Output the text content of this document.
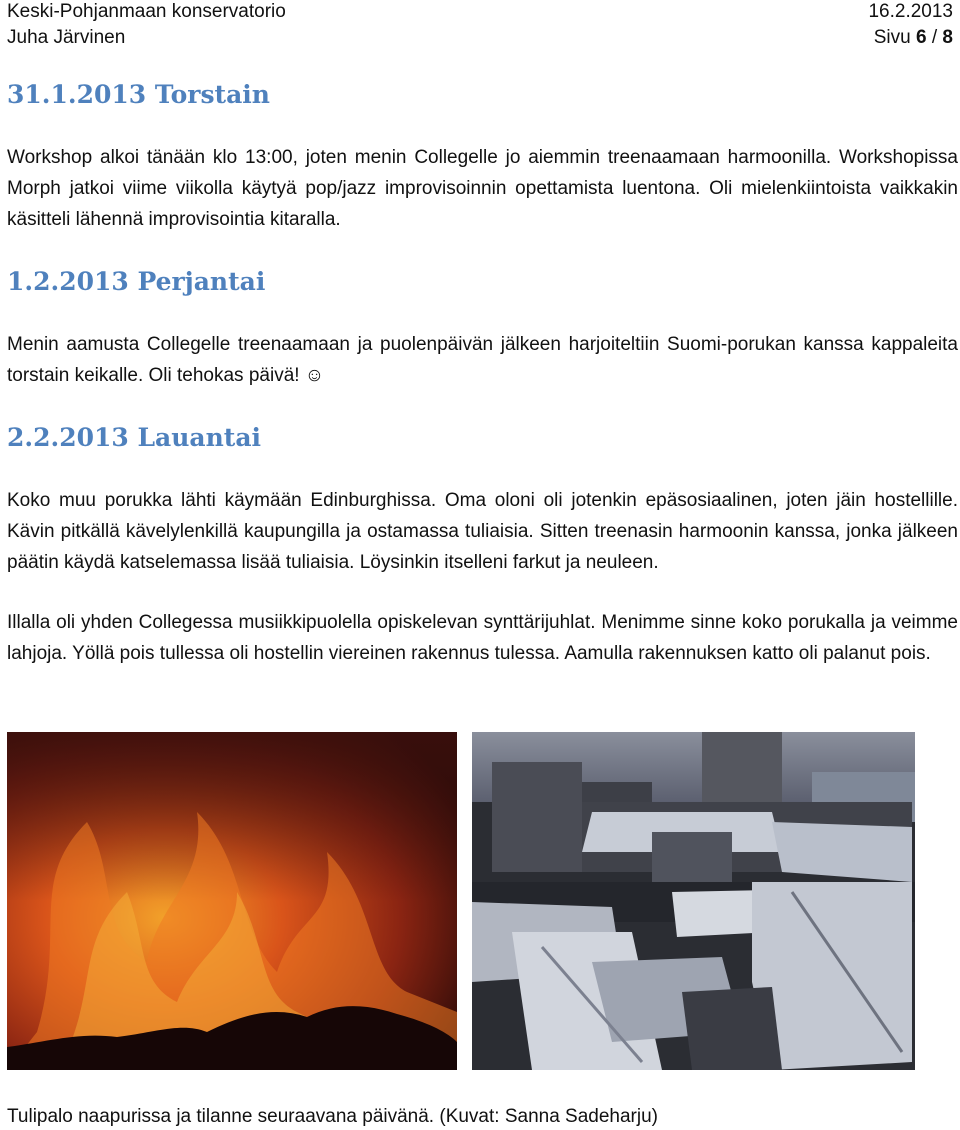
Keski-Pohjanmaan konservatorio	16.2.2013
Juha Järvinen	Sivu 6 / 8
31.1.2013 Torstain

Workshop alkoi tänään klo 13:00, joten menin Collegelle jo aiemmin treenaamaan harmoonilla. Workshopissa Morph jatkoi viime viikolla käytyä pop/jazz improvisoinnin opettamista luentona. Oli mielenkiintoista vaikkakin käsitteli lähennä improvisointia kitaralla.

1.2.2013 Perjantai

Menin aamusta Collegelle treenaamaan ja puolenpäivän jälkeen harjoiteltiin Suomi-porukan kanssa kappaleita torstain keikalle. Oli tehokas päivä! ☺

2.2.2013 Lauantai

Koko muu porukka lähti käymään Edinburghissa. Oma oloni oli jotenkin epäsosiaalinen, joten jäin hostellille. Kävin pitkällä kävelylenkillä kaupungilla ja ostamassa tuliaisia. Sitten treenasin harmoonin kanssa, jonka jälkeen päätin käydä katselemassa lisää tuliaisia. Löysinkin itselleni farkut ja neuleen.

Illalla oli yhden Collegessa musiikkipuolella opiskelevan synttärijuhlat. Menimme sinne koko porukalla ja veimme lahjoja. Yöllä pois tullessa oli hostellin viereinen rakennus tulessa. Aamulla rakennuksen katto oli palanut pois.

Tulipalo naapurissa ja tilanne seuraavana päivänä. (Kuvat: Sanna Sadeharju)
